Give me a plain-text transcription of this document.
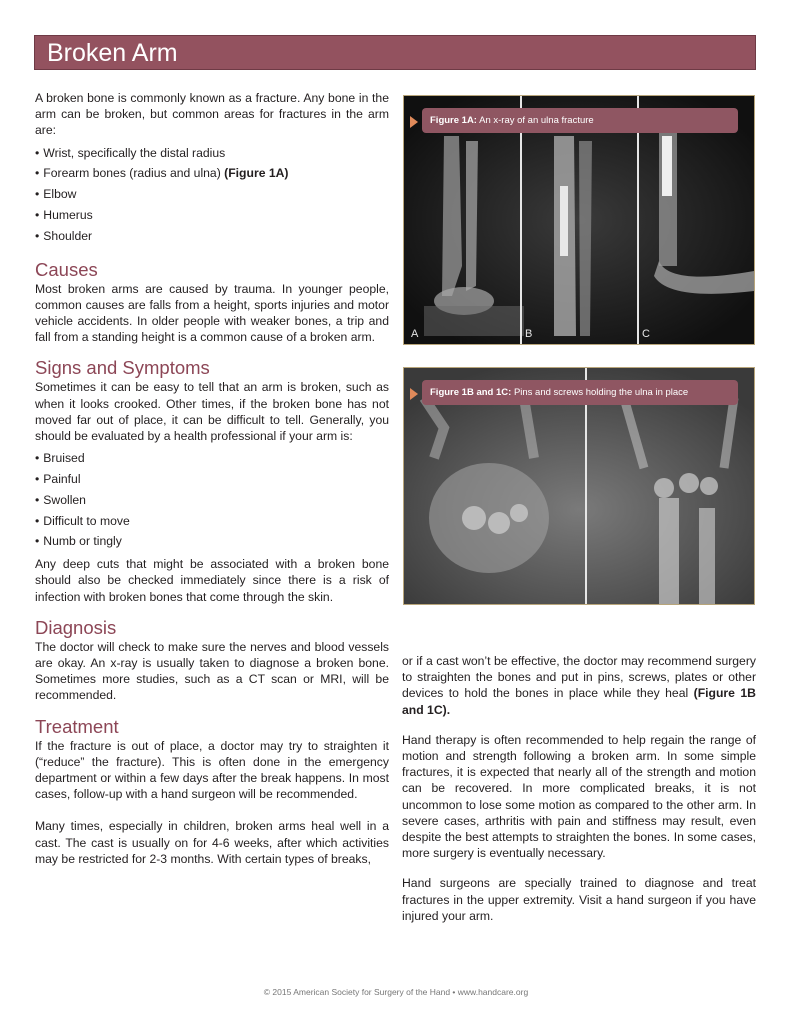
Broken Arm

A broken bone is commonly known as a fracture. Any bone in the arm can be broken, but common areas for fractures in the arm are:

• Wrist, specifically the distal radius
• Forearm bones (radius and ulna) (Figure 1A)
• Elbow
• Humerus
• Shoulder
Causes

Most broken arms are caused by trauma. In younger people, common causes are falls from a height, sports injuries and motor vehicle accidents. In older people with weaker bones, a trip and fall from a standing height is a common cause of a broken arm.

Signs and Symptoms

Sometimes it can be easy to tell that an arm is broken, such as when it looks crooked. Other times, if the broken bone has not moved far out of place, it can be difficult to tell. Generally, you should be evaluated by a health professional if your arm is:

• Bruised
• Painful
• Swollen
• Difficult to move
• Numb or tingly

Any deep cuts that might be associated with a broken bone should also be checked immediately since there is a risk of infection with broken bones that come through the skin.

Diagnosis

The doctor will check to make sure the nerves and blood vessels are okay. An x-ray is usually taken to diagnose a broken bone. Sometimes more studies, such as a CT scan or MRI, will be recommended.

Treatment

If the fracture is out of place, a doctor may try to straighten it (“reduce” the fracture). This is often done in the emergency department or within a few days after the break happens. In most cases, follow-up with a hand surgeon will be recommended.

Many times, especially in children, broken arms heal well in a cast. The cast is usually on for 4-6 weeks, after which activities may be restricted for 2-3 months. With certain types of breaks,

Figure 1A: An x-ray of an ulna fracture
A	B	C
Figure 1B and 1C: Pins and screws holding the ulna in place

or if a cast won’t be effective, the doctor may recommend surgery to straighten the bones and put in pins, screws, plates or other devices to hold the bones in place while they heal (Figure 1B and 1C).

Hand therapy is often recommended to help regain the range of motion and strength following a broken arm. In some simple fractures, it is expected that nearly all of the strength and motion can be recovered. In more complicated breaks, it is not uncommon to lose some motion as compared to the other arm. In severe cases, arthritis with pain and stiffness may result, even despite the best attempts to straighten the bones. In some cases, more surgery is eventually necessary.

Hand surgeons are specially trained to diagnose and treat fractures in the upper extremity. Visit a hand surgeon if you have injured your arm.

© 2015 American Society for Surgery of the Hand • www.handcare.org
